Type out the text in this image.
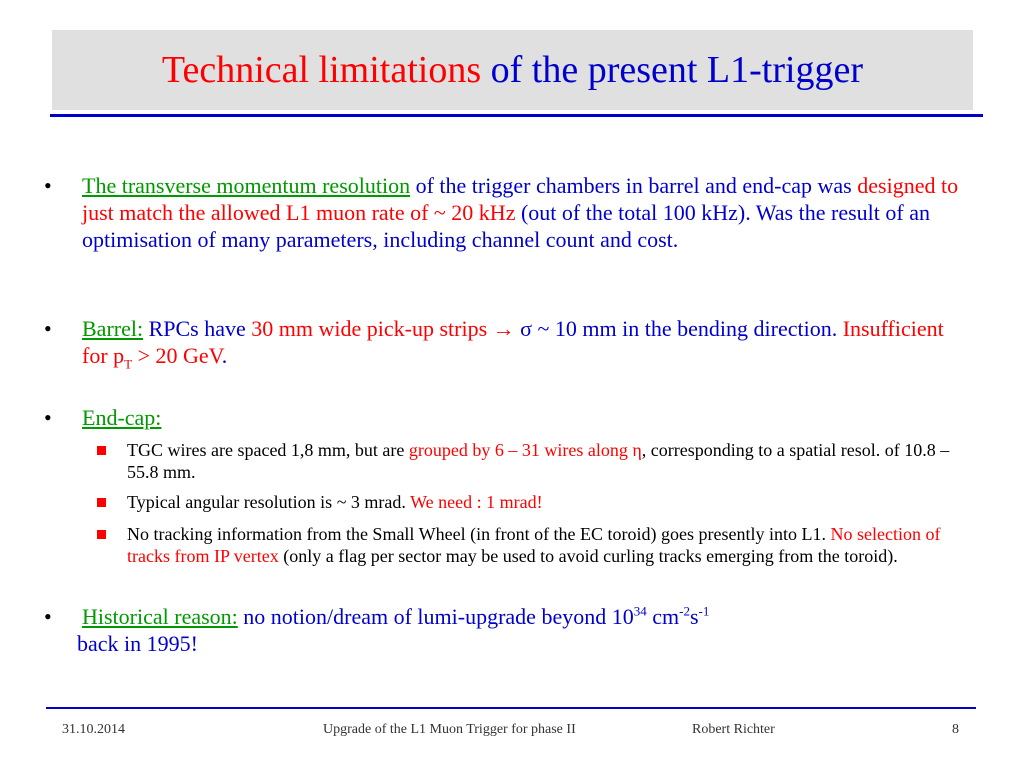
Technical limitations of the present L1-trigger
• The transverse momentum resolution of the trigger chambers in barrel and end-cap was designed to just match the allowed L1 muon rate of ~ 20 kHz (out of the total 100 kHz). Was the result of an optimisation of many parameters, including channel count and cost.
• Barrel: RPCs have 30 mm wide pick-up strips → σ ~ 10 mm in the bending direction. Insufficient for $p_T > 20$ GeV.
• End-cap:
TGC wires are spaced 1,8 mm, but are grouped by 6 – 31 wires along η, corresponding to a spatial resol. of 10.8 – 55.8 mm.
Typical angular resolution is ~ 3 mrad. We need : 1 mrad!
No tracking information from the Small Wheel (in front of the EC toroid) goes presently into L1. No selection of tracks from IP vertex (only a flag per sector may be used to avoid curling tracks emerging from the toroid).
• Historical reason: no notion/dream of lumi-upgrade beyond $10^{34}$ $cm^{-2}s^{-1}$
back in 1995!
31.10.2014	Upgrade of the L1 Muon Trigger for phase II	Robert Richter	8
